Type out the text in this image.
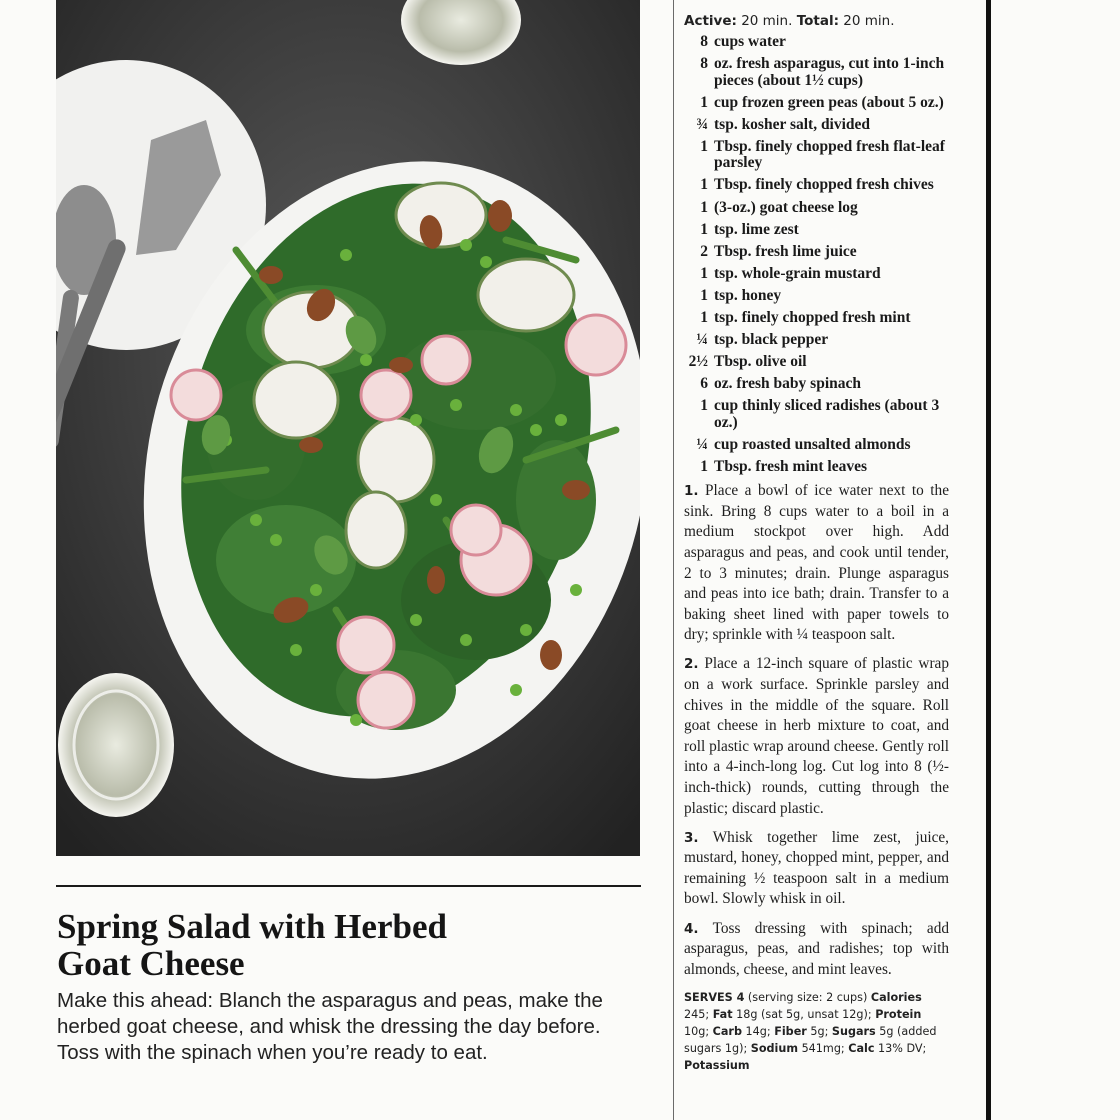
Spring Salad with Herbed
Goat Cheese

Make this ahead: Blanch the asparagus and peas, make the herbed goat cheese, and whisk the dressing the day before. Toss with the spinach when you’re ready to eat.

Active: 20 min. Total: 20 min.
8 cups water
8 oz. fresh asparagus, cut into 1-inch pieces (about 1½ cups)
1 cup frozen green peas (about 5 oz.)
¾ tsp. kosher salt, divided
1 Tbsp. finely chopped fresh flat-leaf parsley
1 Tbsp. finely chopped fresh chives
1 (3-oz.) goat cheese log
1 tsp. lime zest
2 Tbsp. fresh lime juice
1 tsp. whole-grain mustard
1 tsp. honey
1 tsp. finely chopped fresh mint
¼ tsp. black pepper
2½ Tbsp. olive oil
6 oz. fresh baby spinach
1 cup thinly sliced radishes (about 3 oz.)
¼ cup roasted unsalted almonds
1 Tbsp. fresh mint leaves

1. Place a bowl of ice water next to the sink. Bring 8 cups water to a boil in a medium stockpot over high. Add asparagus and peas, and cook until tender, 2 to 3 minutes; drain. Plunge asparagus and peas into ice bath; drain. Transfer to a baking sheet lined with paper towels to dry; sprinkle with ¼ teaspoon salt.

2. Place a 12-inch square of plastic wrap on a work surface. Sprinkle parsley and chives in the middle of the square. Roll goat cheese in herb mixture to coat, and roll plastic wrap around cheese. Gently roll into a 4-inch-long log. Cut log into 8 (½-inch-thick) rounds, cutting through the plastic; discard plastic.

3. Whisk together lime zest, juice, mustard, honey, chopped mint, pepper, and remaining ½ teaspoon salt in a medium bowl. Slowly whisk in oil.

4. Toss dressing with spinach; add asparagus, peas, and radishes; top with almonds, cheese, and mint leaves.

SERVES 4 (serving size: 2 cups) Calories 245; Fat 18g (sat 5g, unsat 12g); Protein 10g; Carb 14g; Fiber 5g; Sugars 5g (added sugars 1g); Sodium 541mg; Calc 13% DV; Potassium
